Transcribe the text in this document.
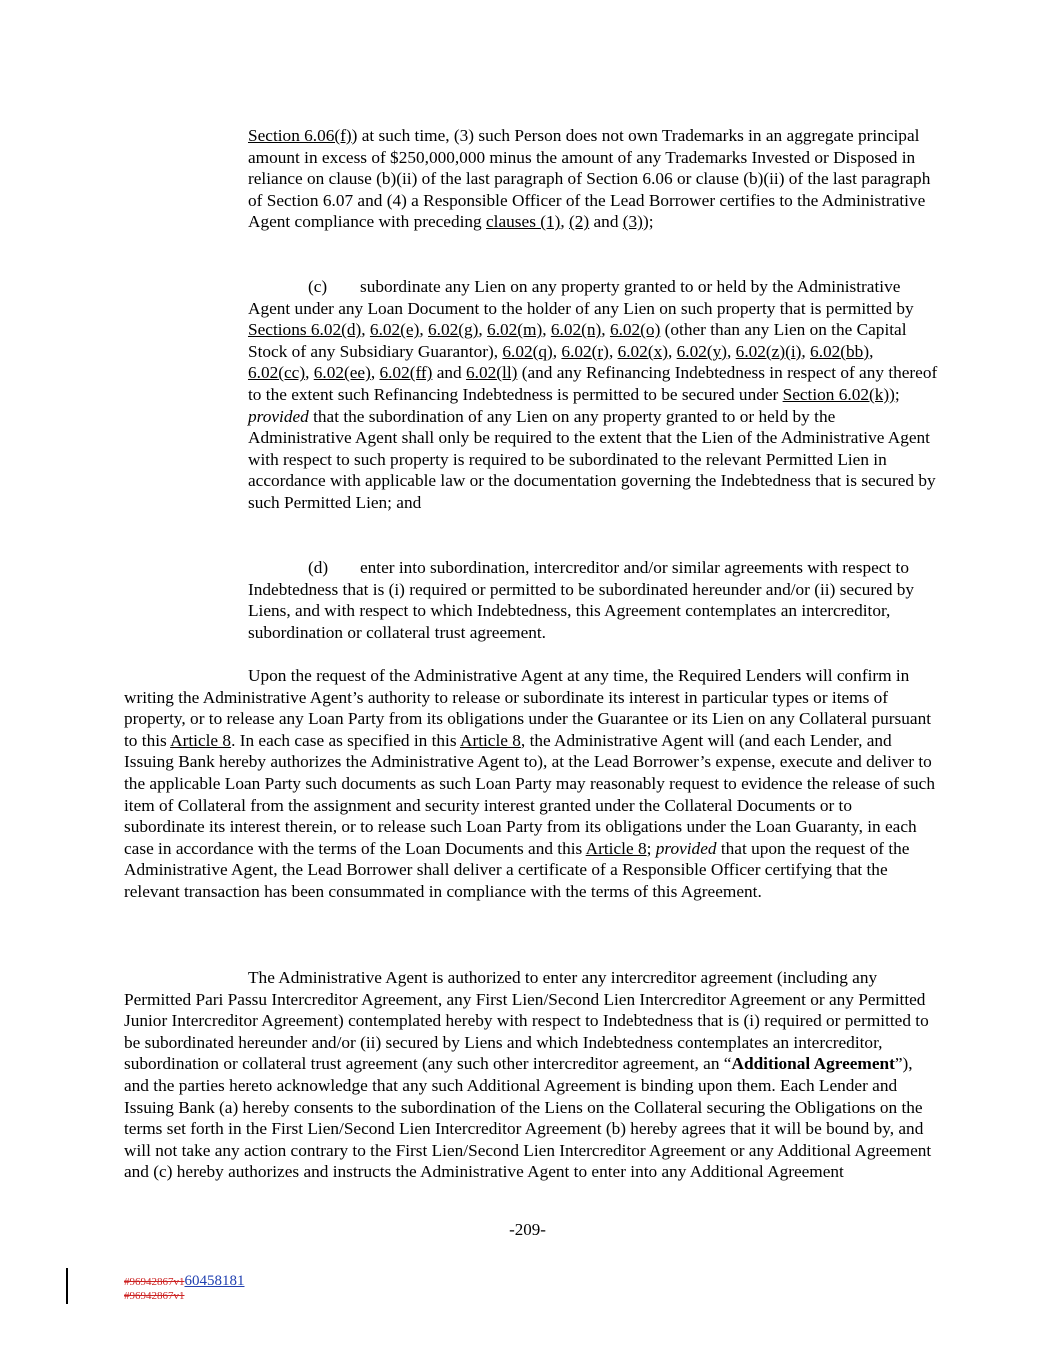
Section 6.06(f)) at such time, (3) such Person does not own Trademarks in an aggregate principal amount in excess of $250,000,000 minus the amount of any Trademarks Invested or Disposed in reliance on clause (b)(ii) of the last paragraph of Section 6.06 or clause (b)(ii) of the last paragraph of Section 6.07 and (4) a Responsible Officer of the Lead Borrower certifies to the Administrative Agent compliance with preceding clauses (1), (2) and (3));

(c) subordinate any Lien on any property granted to or held by the Administrative Agent under any Loan Document to the holder of any Lien on such property that is permitted by Sections 6.02(d), 6.02(e), 6.02(g), 6.02(m), 6.02(n), 6.02(o) (other than any Lien on the Capital Stock of any Subsidiary Guarantor), 6.02(q), 6.02(r), 6.02(x), 6.02(y), 6.02(z)(i), 6.02(bb), 6.02(cc), 6.02(ee), 6.02(ff) and 6.02(ll) (and any Refinancing Indebtedness in respect of any thereof to the extent such Refinancing Indebtedness is permitted to be secured under Section 6.02(k)); provided that the subordination of any Lien on any property granted to or held by the Administrative Agent shall only be required to the extent that the Lien of the Administrative Agent with respect to such property is required to be subordinated to the relevant Permitted Lien in accordance with applicable law or the documentation governing the Indebtedness that is secured by such Permitted Lien; and

(d) enter into subordination, intercreditor and/or similar agreements with respect to Indebtedness that is (i) required or permitted to be subordinated hereunder and/or (ii) secured by Liens, and with respect to which Indebtedness, this Agreement contemplates an intercreditor, subordination or collateral trust agreement.

Upon the request of the Administrative Agent at any time, the Required Lenders will confirm in writing the Administrative Agent’s authority to release or subordinate its interest in particular types or items of property, or to release any Loan Party from its obligations under the Guarantee or its Lien on any Collateral pursuant to this Article 8. In each case as specified in this Article 8, the Administrative Agent will (and each Lender, and Issuing Bank hereby authorizes the Administrative Agent to), at the Lead Borrower’s expense, execute and deliver to the applicable Loan Party such documents as such Loan Party may reasonably request to evidence the release of such item of Collateral from the assignment and security interest granted under the Collateral Documents or to subordinate its interest therein, or to release such Loan Party from its obligations under the Loan Guaranty, in each case in accordance with the terms of the Loan Documents and this Article 8; provided that upon the request of the Administrative Agent, the Lead Borrower shall deliver a certificate of a Responsible Officer certifying that the relevant transaction has been consummated in compliance with the terms of this Agreement.

The Administrative Agent is authorized to enter any intercreditor agreement (including any Permitted Pari Passu Intercreditor Agreement, any First Lien/Second Lien Intercreditor Agreement or any Permitted Junior Intercreditor Agreement) contemplated hereby with respect to Indebtedness that is (i) required or permitted to be subordinated hereunder and/or (ii) secured by Liens and which Indebtedness contemplates an intercreditor, subordination or collateral trust agreement (any such other intercreditor agreement, an “Additional Agreement”), and the parties hereto acknowledge that any such Additional Agreement is binding upon them. Each Lender and Issuing Bank (a) hereby consents to the subordination of the Liens on the Collateral securing the Obligations on the terms set forth in the First Lien/Second Lien Intercreditor Agreement (b) hereby agrees that it will be bound by, and will not take any action contrary to the First Lien/Second Lien Intercreditor Agreement or any Additional Agreement and (c) hereby authorizes and instructs the Administrative Agent to enter into any Additional Agreement

-209-
#96942867v160458181
#96942867v1
